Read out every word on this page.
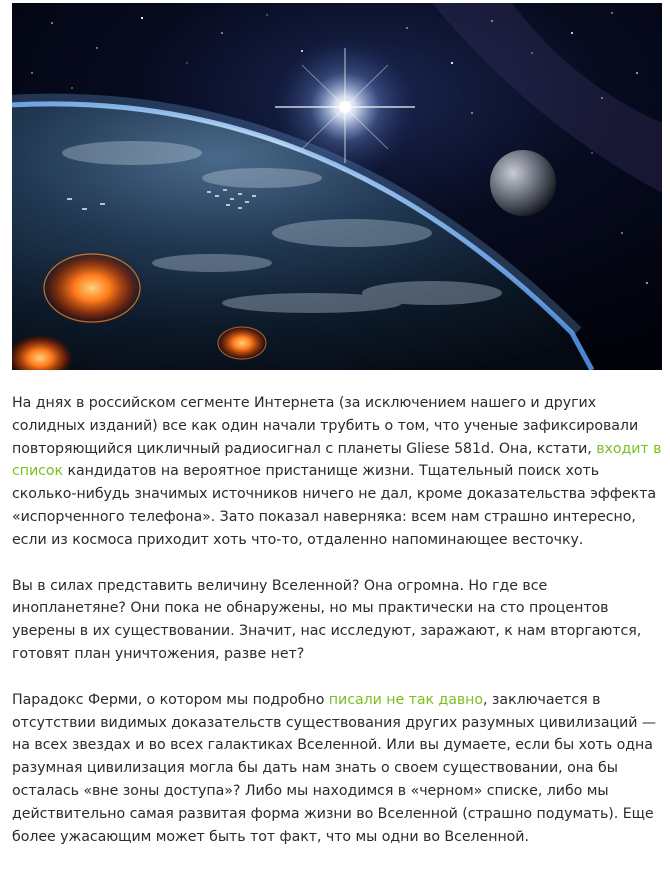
На днях в российском сегменте Интернета (за исключением нашего и других солидных изданий) все как один начали трубить о том, что ученые зафиксировали повторяющийся цикличный радиосигнал с планеты Gliese 581d. Она, кстати, входит в список кандидатов на вероятное пристанище жизни. Тщательный поиск хоть сколько-нибудь значимых источников ничего не дал, кроме доказательства эффекта «испорченного телефона». Зато показал наверняка: всем нам страшно интересно, если из космоса приходит хоть что-то, отдаленно напоминающее весточку.

Вы в силах представить величину Вселенной? Она огромна. Но где все инопланетяне? Они пока не обнаружены, но мы практически на сто процентов уверены в их существовании. Значит, нас исследуют, заражают, к нам вторгаются, готовят план уничтожения, разве нет?

Парадокс Ферми, о котором мы подробно писали не так давно, заключается в отсутствии видимых доказательств существования других разумных цивилизаций — на всех звездах и во всех галактиках Вселенной. Или вы думаете, если бы хоть одна разумная цивилизация могла бы дать нам знать о своем существовании, она бы осталась «вне зоны доступа»? Либо мы находимся в «черном» списке, либо мы действительно самая развитая форма жизни во Вселенной (страшно подумать). Еще более ужасающим может быть тот факт, что мы одни во Вселенной.
